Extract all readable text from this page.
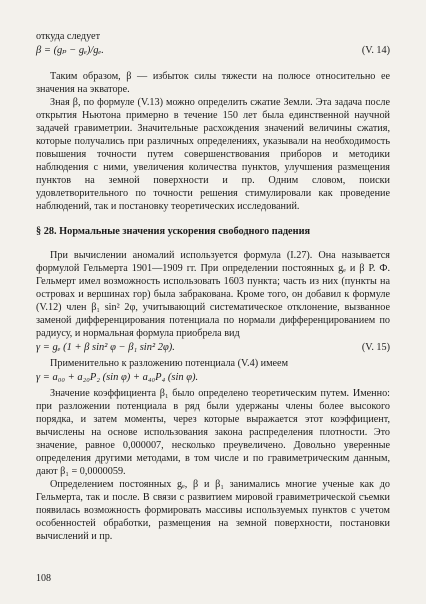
откуда следует

β = (gₚ − gₑ)/gₑ.	(V. 14)

Таким образом, β — избыток силы тяжести на полюсе относительно ее значения на экваторе.

Зная β, по формуле (V.13) можно определить сжатие Земли. Эта задача после открытия Ньютона примерно в течение 150 лет была единственной научной задачей гравиметрии. Значительные расхождения значений величины сжатия, которые получались при различных определениях, указывали на необходимость повышения точности путем совершенствования приборов и методики наблюдения с ними, увеличения количества пунктов, улучшения размещения пунктов на земной поверхности и пр. Одним словом, поиски удовлетворительного по точности решения стимулировали как проведение наблюдений, так и постановку теоретических исследований.

§ 28. Нормальные значения ускорения свободного падения

При вычислении аномалий используется формула (I.27). Она называется формулой Гельмерта 1901—1909 гг. При определении постоянных gₑ и β Р. Ф. Гельмерт имел возможность использовать 1603 пункта; часть из них (пункты на островах и вершинах гор) была забракована. Кроме того, он добавил к формуле (V.12) член β₁ sin² 2φ, учитывающий систематическое отклонение, вызванное заменой дифференцирования потенциала по нормали дифференцированием по радиусу, и нормальная формула приобрела вид

γ = gₑ (1 + β sin² φ − β₁ sin² 2φ).	(V. 15)

Применительно к разложению потенциала (V.4) имеем

γ = a₀₀ + a₂₀P₂ (sin φ) + a₄₀P₄ (sin φ).

Значение коэффициента β₁ было определено теоретическим путем. Именно: при разложении потенциала в ряд были удержаны члены более высокого порядка, и затем моменты, через которые выражается этот коэффициент, вычислены на основе использования закона распределения плотности. Это значение, равное 0,000007, несколько преувеличено. Довольно уверенные определения другими методами, в том числе и по гравиметрическим данным, дают β₁ = 0,0000059.

Определением постоянных gₑ, β и β₁ занимались многие ученые как до Гельмерта, так и после. В связи с развитием мировой гравиметрической съемки появилась возможность формировать массивы используемых пунктов с учетом особенностей обработки, размещения на земной поверхности, постановки вычислений и пр.

108
